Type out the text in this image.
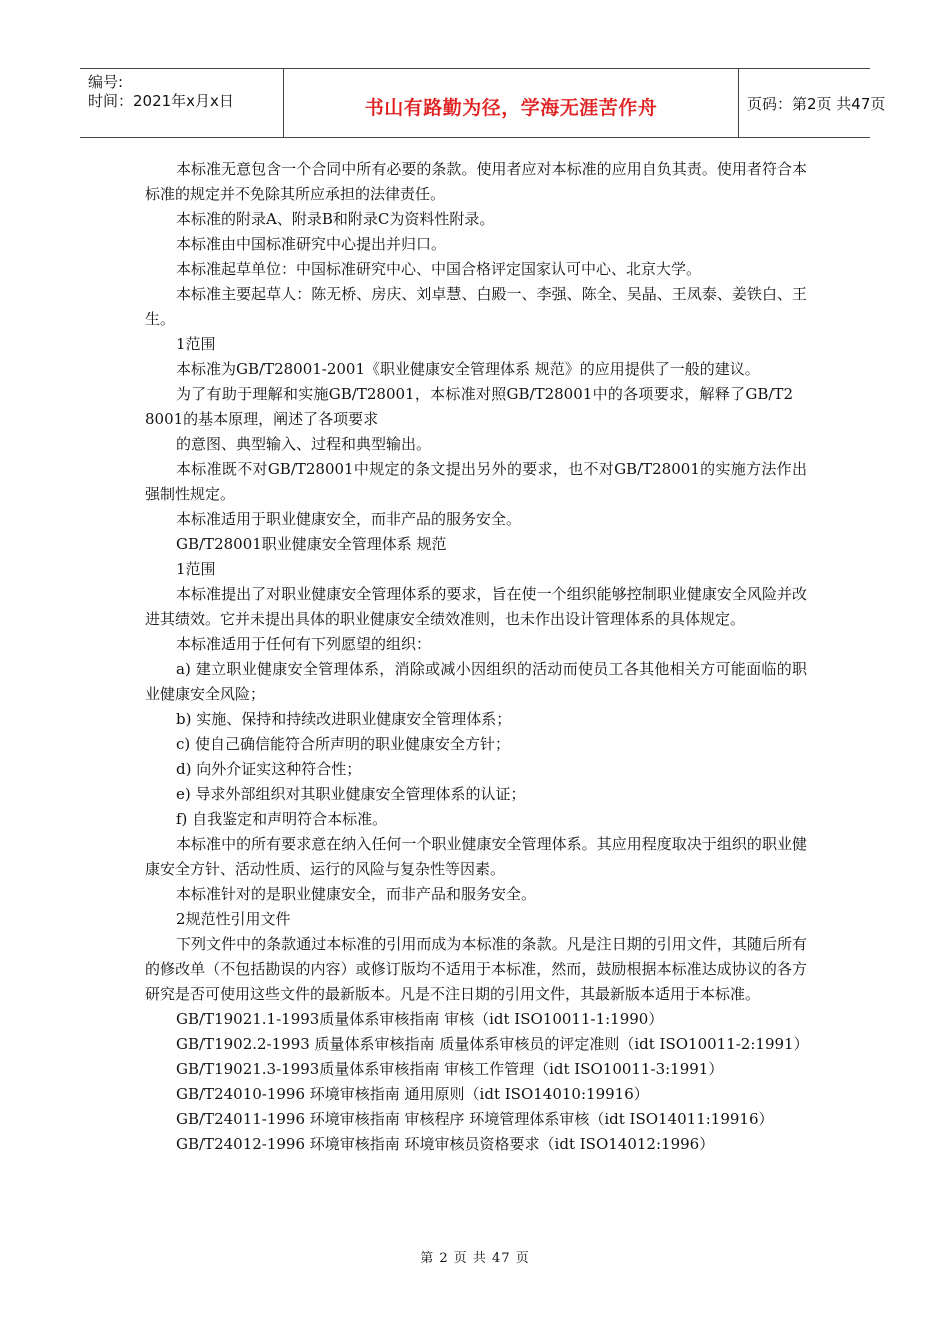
编号:
时间：2021年x月x日	书山有路勤为径，学海无涯苦作舟	页码：第2页 共47页

本标准无意包含一个合同中所有必要的条款。使用者应对本标准的应用自负其责。使用者符合本标准的规定并不免除其所应承担的法律责任。

本标准的附录A、附录B和附录C为资料性附录。

本标准由中国标准研究中心提出并归口。

本标准起草单位：中国标准研究中心、中国合格评定国家认可中心、北京大学。

本标准主要起草人：陈无桥、房庆、刘卓慧、白殿一、李强、陈全、吴晶、王凤泰、姜铁白、王生。

1范围

本标准为GB/T28001-2001《职业健康安全管理体系 规范》的应用提供了一般的建议。

为了有助于理解和实施GB/T28001，本标准对照GB/T28001中的各项要求，解释了GB/T28001的基本原理，阐述了各项要求

的意图、典型输入、过程和典型输出。

本标准既不对GB/T28001中规定的条文提出另外的要求，也不对GB/T28001的实施方法作出强制性规定。

本标准适用于职业健康安全，而非产品的服务安全。

GB/T28001职业健康安全管理体系 规范

1范围

本标准提出了对职业健康安全管理体系的要求，旨在使一个组织能够控制职业健康安全风险并改进其绩效。它并未提出具体的职业健康安全绩效准则，也未作出设计管理体系的具体规定。

本标准适用于任何有下列愿望的组织：

a) 建立职业健康安全管理体系，消除或减小因组织的活动而使员工各其他相关方可能面临的职业健康安全风险；

b) 实施、保持和持续改进职业健康安全管理体系；

c) 使自己确信能符合所声明的职业健康安全方针；

d) 向外介证实这种符合性；

e) 导求外部组织对其职业健康安全管理体系的认证；

f) 自我鉴定和声明符合本标准。

本标准中的所有要求意在纳入任何一个职业健康安全管理体系。其应用程度取决于组织的职业健康安全方针、活动性质、运行的风险与复杂性等因素。

本标准针对的是职业健康安全，而非产品和服务安全。

2规范性引用文件

下列文件中的条款通过本标准的引用而成为本标准的条款。凡是注日期的引用文件，其随后所有的修改单（不包括勘误的内容）或修订版均不适用于本标准，然而，鼓励根据本标准达成协议的各方研究是否可使用这些文件的最新版本。凡是不注日期的引用文件，其最新版本适用于本标准。

GB/T19021.1-1993质量体系审核指南 审核（idt ISO10011-1:1990）

GB/T1902.2-1993 质量体系审核指南 质量体系审核员的评定准则（idt ISO10011-2:1991）

GB/T19021.3-1993质量体系审核指南 审核工作管理（idt ISO10011-3:1991）

GB/T24010-1996 环境审核指南 通用原则（idt ISO14010:19916）

GB/T24011-1996 环境审核指南 审核程序 环境管理体系审核（idt ISO14011:19916）

GB/T24012-1996 环境审核指南 环境审核员资格要求（idt ISO14012:1996）

第 2 页 共 47 页
